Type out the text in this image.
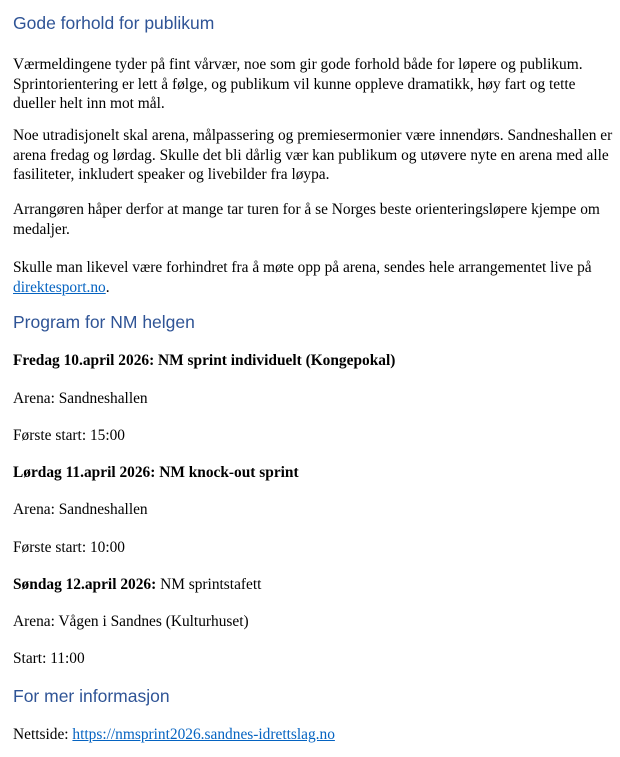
Gode forhold for publikum

Værmeldingene tyder på fint vårvær, noe som gir gode forhold både for løpere og publikum. Sprintorientering er lett å følge, og publikum vil kunne oppleve dramatikk, høy fart og tette dueller helt inn mot mål.

Noe utradisjonelt skal arena, målpassering og premiesermonier være innendørs. Sandneshallen er arena fredag og lørdag. Skulle det bli dårlig vær kan publikum og utøvere nyte en arena med alle fasiliteter, inkludert speaker og livebilder fra løypa.

Arrangøren håper derfor at mange tar turen for å se Norges beste orienteringsløpere kjempe om medaljer.

Skulle man likevel være forhindret fra å møte opp på arena, sendes hele arrangementet live på direktesport.no.

Program for NM helgen

Fredag 10.april 2026: NM sprint individuelt (Kongepokal)

Arena: Sandneshallen

Første start: 15:00

Lørdag 11.april 2026: NM knock-out sprint

Arena: Sandneshallen

Første start: 10:00

Søndag 12.april 2026: NM sprintstafett

Arena: Vågen i Sandnes (Kulturhuset)

Start: 11:00

For mer informasjon

Nettside: https://nmsprint2026.sandnes-idrettslag.no
